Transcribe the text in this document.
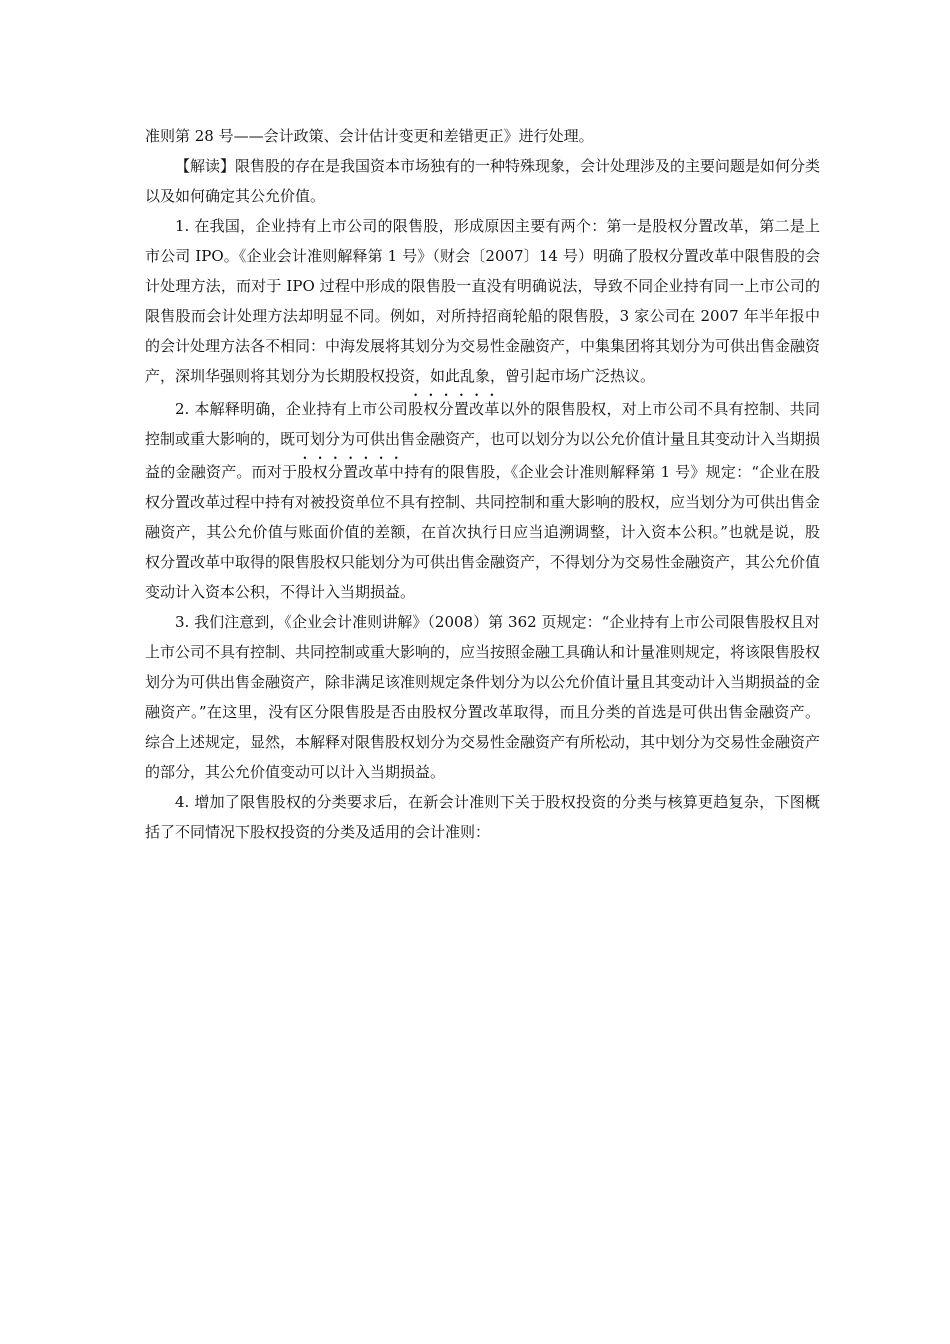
准则第 28 号——会计政策、会计估计变更和差错更正》进行处理。

【解读】限售股的存在是我国资本市场独有的一种特殊现象，会计处理涉及的主要问题是如何分类以及如何确定其公允价值。

1. 在我国，企业持有上市公司的限售股，形成原因主要有两个：第一是股权分置改革，第二是上市公司 IPO。《企业会计准则解释第 1 号》（财会〔2007〕14 号）明确了股权分置改革中限售股的会计处理方法，而对于 IPO 过程中形成的限售股一直没有明确说法，导致不同企业持有同一上市公司的限售股而会计处理方法却明显不同。例如，对所持招商轮船的限售股，3 家公司在 2007 年半年报中的会计处理方法各不相同：中海发展将其划分为交易性金融资产，中集集团将其划分为可供出售金融资产，深圳华强则将其划分为长期股权投资，如此乱象，曾引起市场广泛热议。

2. 本解释明确，企业持有上市公司股权分置改革以外的限售股权，对上市公司不具有控制、共同控制或重大影响的，既可划分为可供出售金融资产，也可以划分为以公允价值计量且其变动计入当期损益的金融资产。而对于股权分置改革中持有的限售股，《企业会计准则解释第 1 号》规定：“企业在股权分置改革过程中持有对被投资单位不具有控制、共同控制和重大影响的股权，应当划分为可供出售金融资产，其公允价值与账面价值的差额，在首次执行日应当追溯调整，计入资本公积。”也就是说，股权分置改革中取得的限售股权只能划分为可供出售金融资产，不得划分为交易性金融资产，其公允价值变动计入资本公积，不得计入当期损益。

3. 我们注意到，《企业会计准则讲解》（2008）第 362 页规定：“企业持有上市公司限售股权且对上市公司不具有控制、共同控制或重大影响的，应当按照金融工具确认和计量准则规定，将该限售股权划分为可供出售金融资产，除非满足该准则规定条件划分为以公允价值计量且其变动计入当期损益的金融资产。”在这里，没有区分限售股是否由股权分置改革取得，而且分类的首选是可供出售金融资产。综合上述规定，显然，本解释对限售股权划分为交易性金融资产有所松动，其中划分为交易性金融资产的部分，其公允价值变动可以计入当期损益。

4. 增加了限售股权的分类要求后，在新会计准则下关于股权投资的分类与核算更趋复杂，下图概括了不同情况下股权投资的分类及适用的会计准则：
